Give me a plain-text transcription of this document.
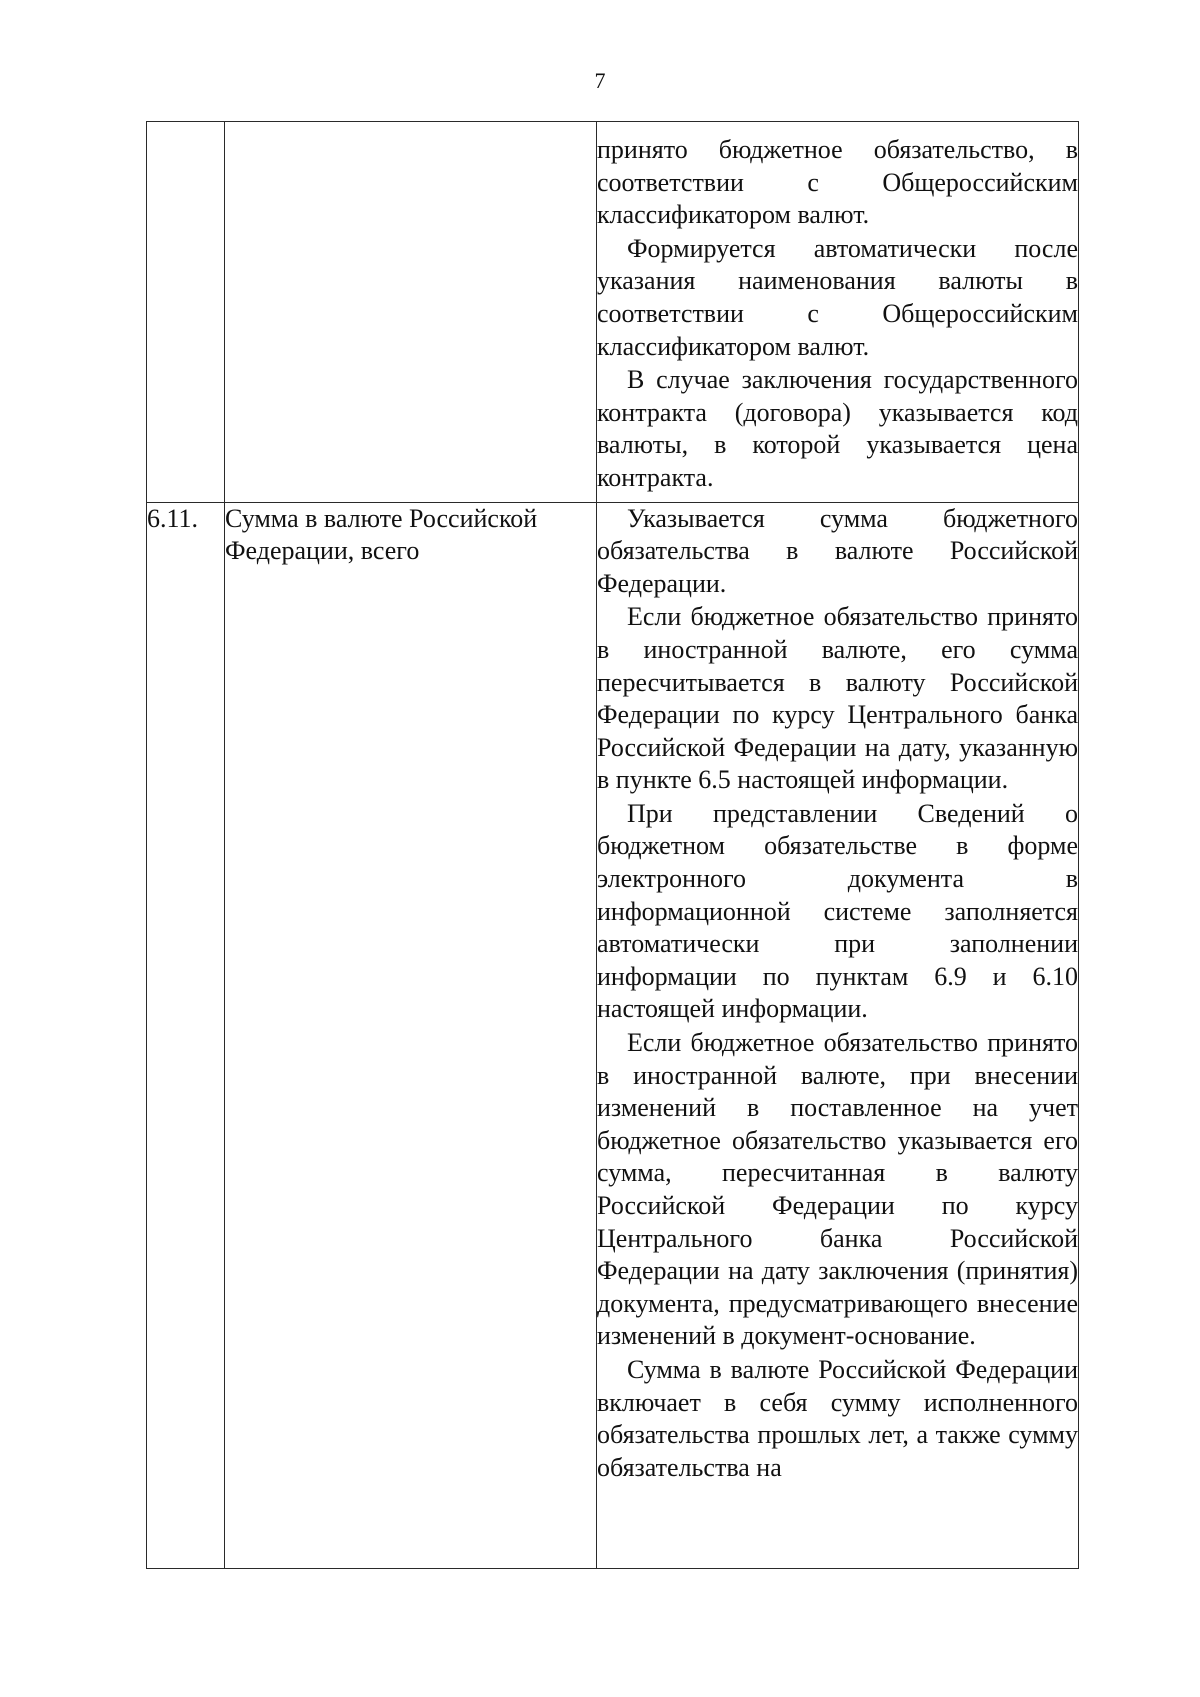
7

		принято бюджетное обязательство, в соответствии с Общероссийским классификатором валют.
Формируется автоматически после указания наименования валюты в соответствии с Общероссийским классификатором валют.
В случае заключения государственного контракта (договора) указывается код валюты, в которой указывается цена контракта.

6.11.	Сумма в валюте Российской Федерации, всего	Указывается сумма бюджетного обязательства в валюте Российской Федерации.
Если бюджетное обязательство принято в иностранной валюте, его сумма пересчитывается в валюту Российской Федерации по курсу Центрального банка Российской Федерации на дату, указанную в пункте 6.5 настоящей информации.
При представлении Сведений о бюджетном обязательстве в форме электронного документа в информационной системе заполняется автоматически при заполнении информации по пунктам 6.9 и 6.10 настоящей информации.
Если бюджетное обязательство принято в иностранной валюте, при внесении изменений в поставленное на учет бюджетное обязательство указывается его сумма, пересчитанная в валюту Российской Федерации по курсу Центрального банка Российской Федерации на дату заключения (принятия) документа, предусматривающего внесение изменений в документ-основание.
Сумма в валюте Российской Федерации включает в себя сумму исполненного обязательства прошлых лет, а также сумму обязательства на
